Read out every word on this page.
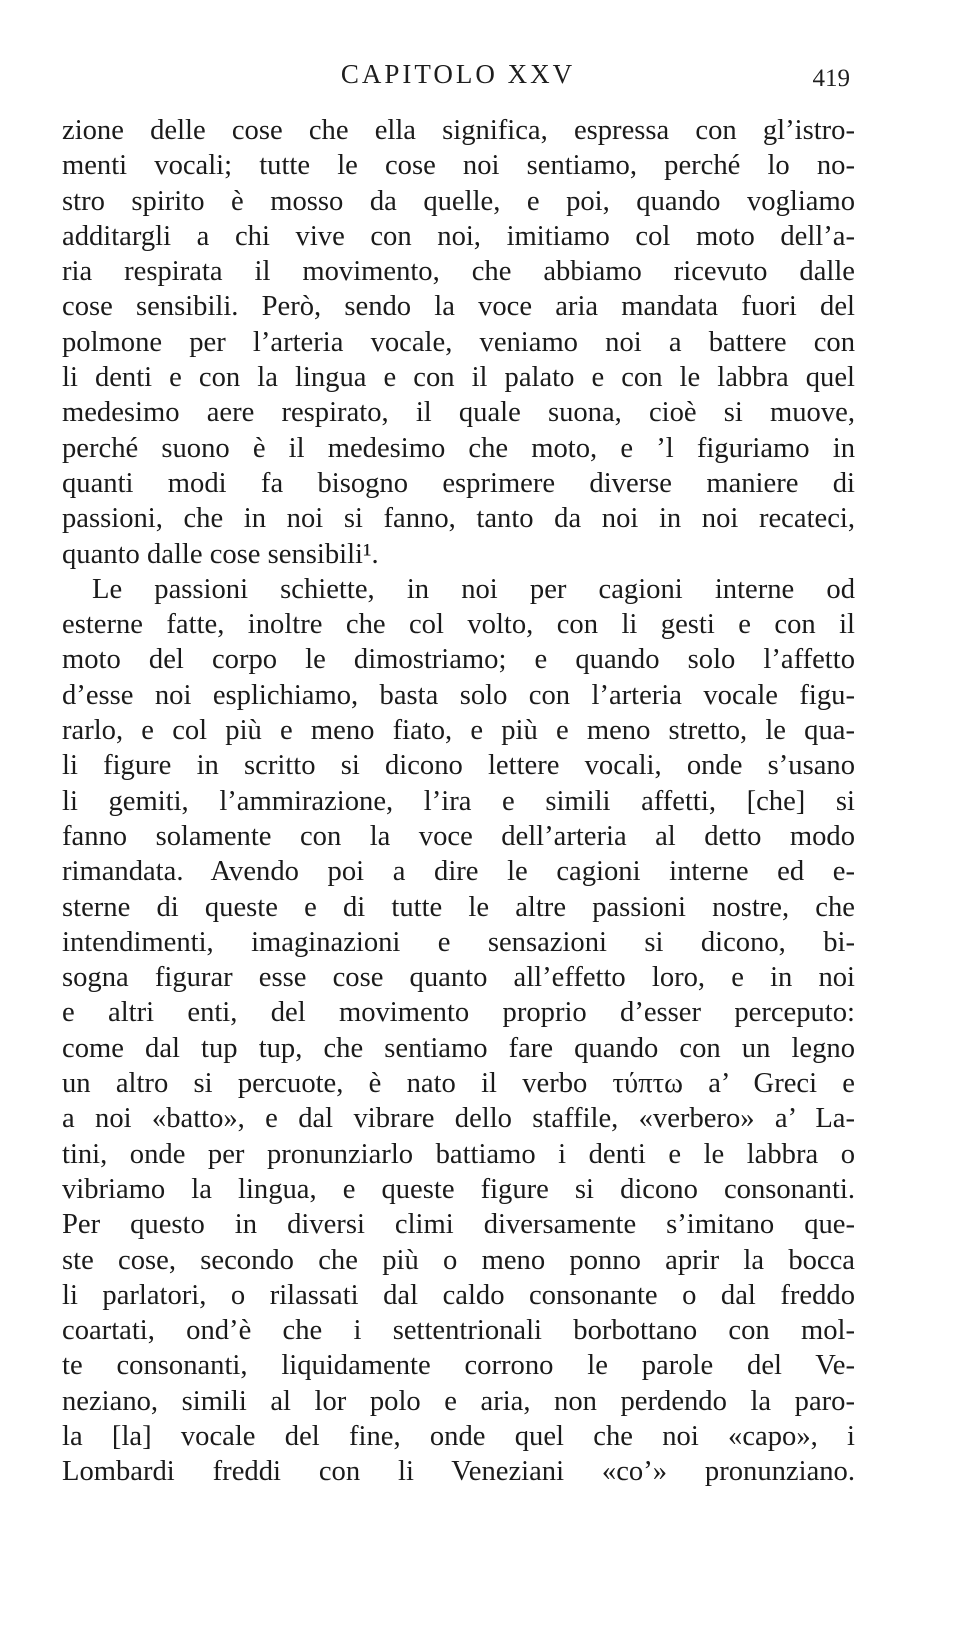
CAPITOLO XXV	419
zione delle cose che ella significa, espressa con gl’istro-
menti vocali; tutte le cose noi sentiamo, perché lo no-
stro spirito è mosso da quelle, e poi, quando vogliamo
additargli a chi vive con noi, imitiamo col moto dell’a-
ria respirata il movimento, che abbiamo ricevuto dalle
cose sensibili. Però, sendo la voce aria mandata fuori del
polmone per l’arteria vocale, veniamo noi a battere con
li denti e con la lingua e con il palato e con le labbra quel
medesimo aere respirato, il quale suona, cioè si muove,
perché suono è il medesimo che moto, e ’l figuriamo in
quanti modi fa bisogno esprimere diverse maniere di
passioni, che in noi si fanno, tanto da noi in noi recateci,
quanto dalle cose sensibili¹.
Le passioni schiette, in noi per cagioni interne od
esterne fatte, inoltre che col volto, con li gesti e con il
moto del corpo le dimostriamo; e quando solo l’affetto
d’esse noi esplichiamo, basta solo con l’arteria vocale figu-
rarlo, e col più e meno fiato, e più e meno stretto, le qua-
li figure in scritto si dicono lettere vocali, onde s’usano
li gemiti, l’ammirazione, l’ira e simili affetti, [che] si
fanno solamente con la voce dell’arteria al detto modo
rimandata. Avendo poi a dire le cagioni interne ed e-
sterne di queste e di tutte le altre passioni nostre, che
intendimenti, imaginazioni e sensazioni si dicono, bi-
sogna figurar esse cose quanto all’effetto loro, e in noi
e altri enti, del movimento proprio d’esser perceputo:
come dal tup tup, che sentiamo fare quando con un legno
un altro si percuote, è nato il verbo τύπτω a’ Greci e
a noi «batto», e dal vibrare dello staffile, «verbero» a’ La-
tini, onde per pronunziarlo battiamo i denti e le labbra o
vibriamo la lingua, e queste figure si dicono consonanti.
Per questo in diversi climi diversamente s’imitano que-
ste cose, secondo che più o meno ponno aprir la bocca
li parlatori, o rilassati dal caldo consonante o dal freddo
coartati, ond’è che i settentrionali borbottano con mol-
te consonanti, liquidamente corrono le parole del Ve-
neziano, simili al lor polo e aria, non perdendo la paro-
la [la] vocale del fine, onde quel che noi «capo», i
Lombardi freddi con li Veneziani «co’» pronunziano.
